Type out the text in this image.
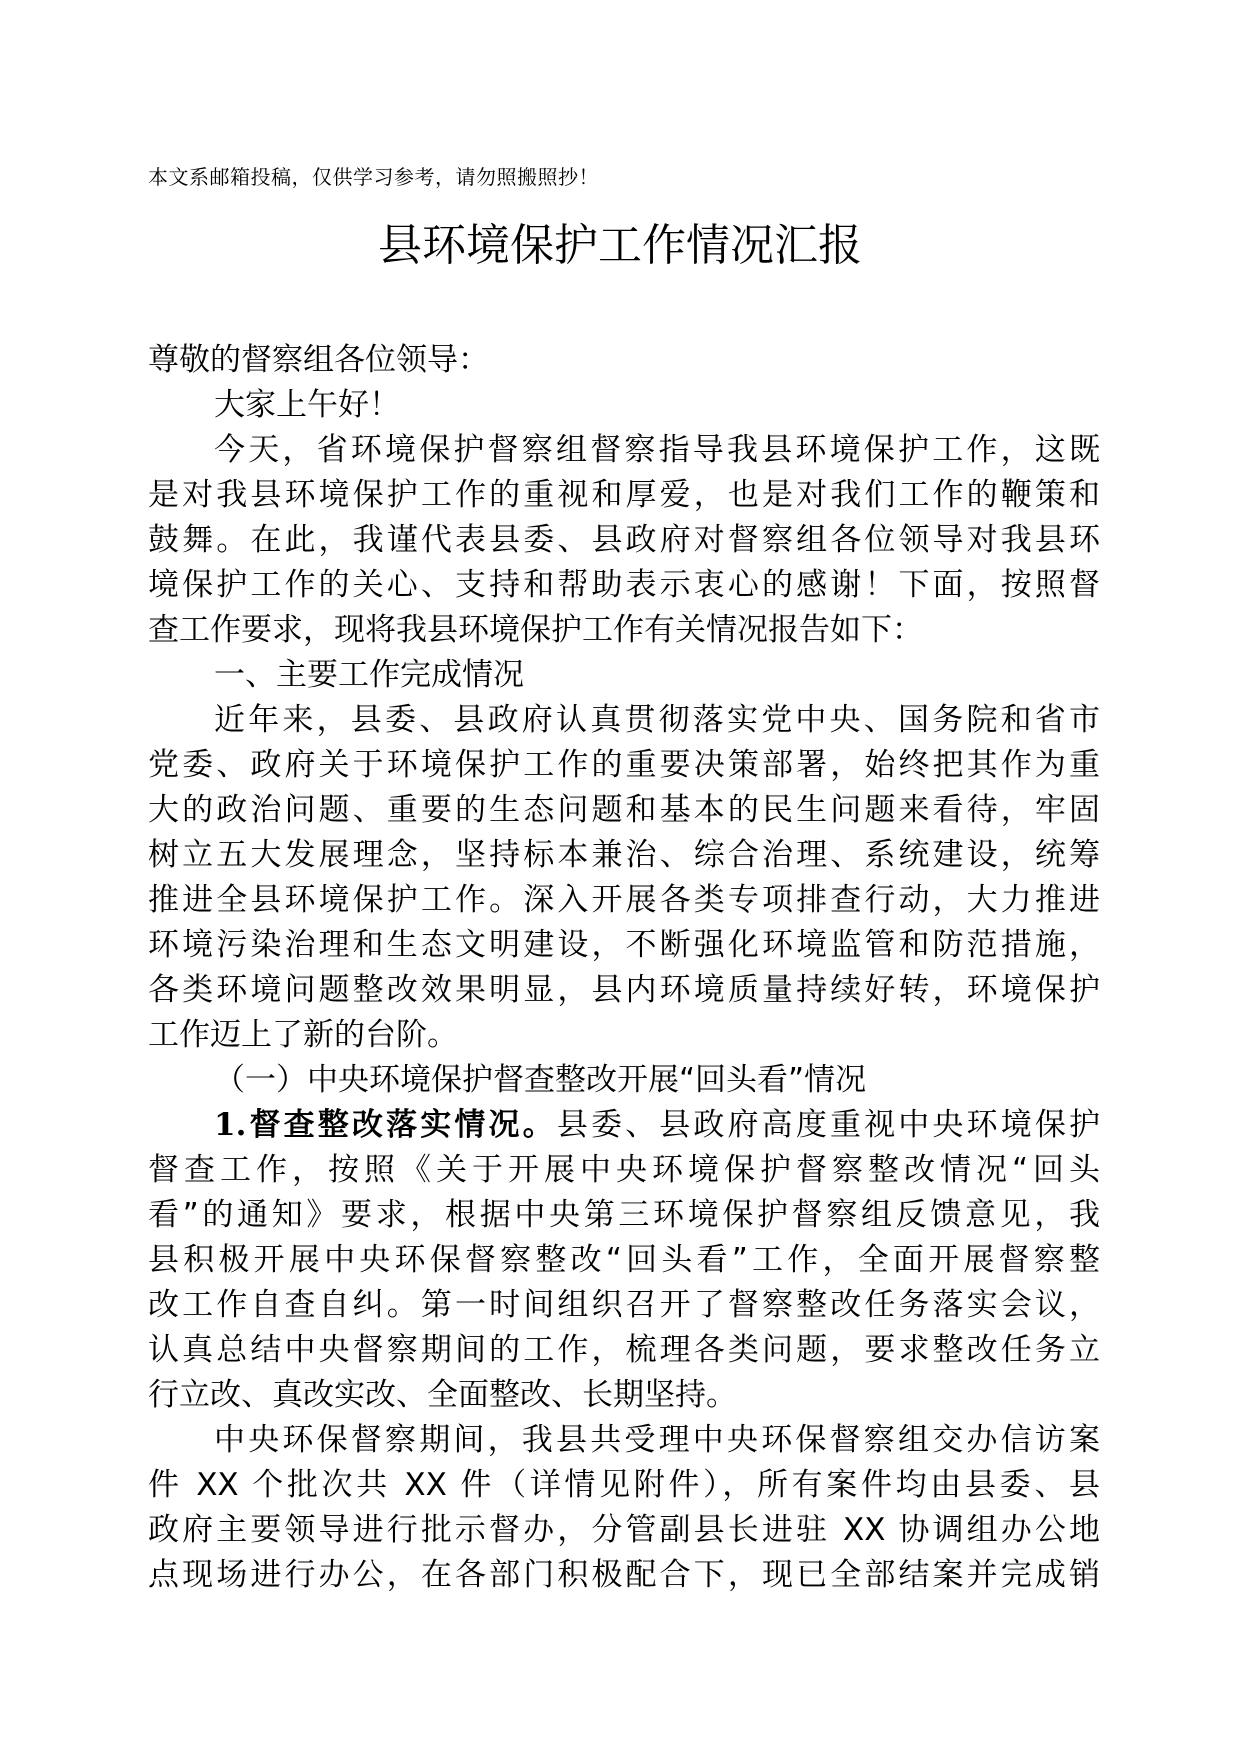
本文系邮箱投稿，仅供学习参考，请勿照搬照抄！
县环境保护工作情况汇报
尊敬的督察组各位领导：
大家上午好！
今天，省环境保护督察组督察指导我县环境保护工作，这既
是对我县环境保护工作的重视和厚爱，也是对我们工作的鞭策和
鼓舞。在此，我谨代表县委、县政府对督察组各位领导对我县环
境保护工作的关心、支持和帮助表示衷心的感谢！下面，按照督
查工作要求，现将我县环境保护工作有关情况报告如下：
一、主要工作完成情况
近年来，县委、县政府认真贯彻落实党中央、国务院和省市
党委、政府关于环境保护工作的重要决策部署，始终把其作为重
大的政治问题、重要的生态问题和基本的民生问题来看待，牢固
树立五大发展理念，坚持标本兼治、综合治理、系统建设，统筹
推进全县环境保护工作。深入开展各类专项排查行动，大力推进
环境污染治理和生态文明建设，不断强化环境监管和防范措施，
各类环境问题整改效果明显，县内环境质量持续好转，环境保护
工作迈上了新的台阶。
（一）中央环境保护督查整改开展“回头看”情况
1.督查整改落实情况。县委、县政府高度重视中央环境保护
督查工作，按照《关于开展中央环境保护督察整改情况“回头
看”的通知》要求，根据中央第三环境保护督察组反馈意见，我
县积极开展中央环保督察整改“回头看”工作，全面开展督察整
改工作自查自纠。第一时间组织召开了督察整改任务落实会议，
认真总结中央督察期间的工作，梳理各类问题，要求整改任务立
行立改、真改实改、全面整改、长期坚持。
中央环保督察期间，我县共受理中央环保督察组交办信访案
件 XX 个批次共 XX 件（详情见附件），所有案件均由县委、县
政府主要领导进行批示督办，分管副县长进驻 XX 协调组办公地
点现场进行办公，在各部门积极配合下，现已全部结案并完成销
